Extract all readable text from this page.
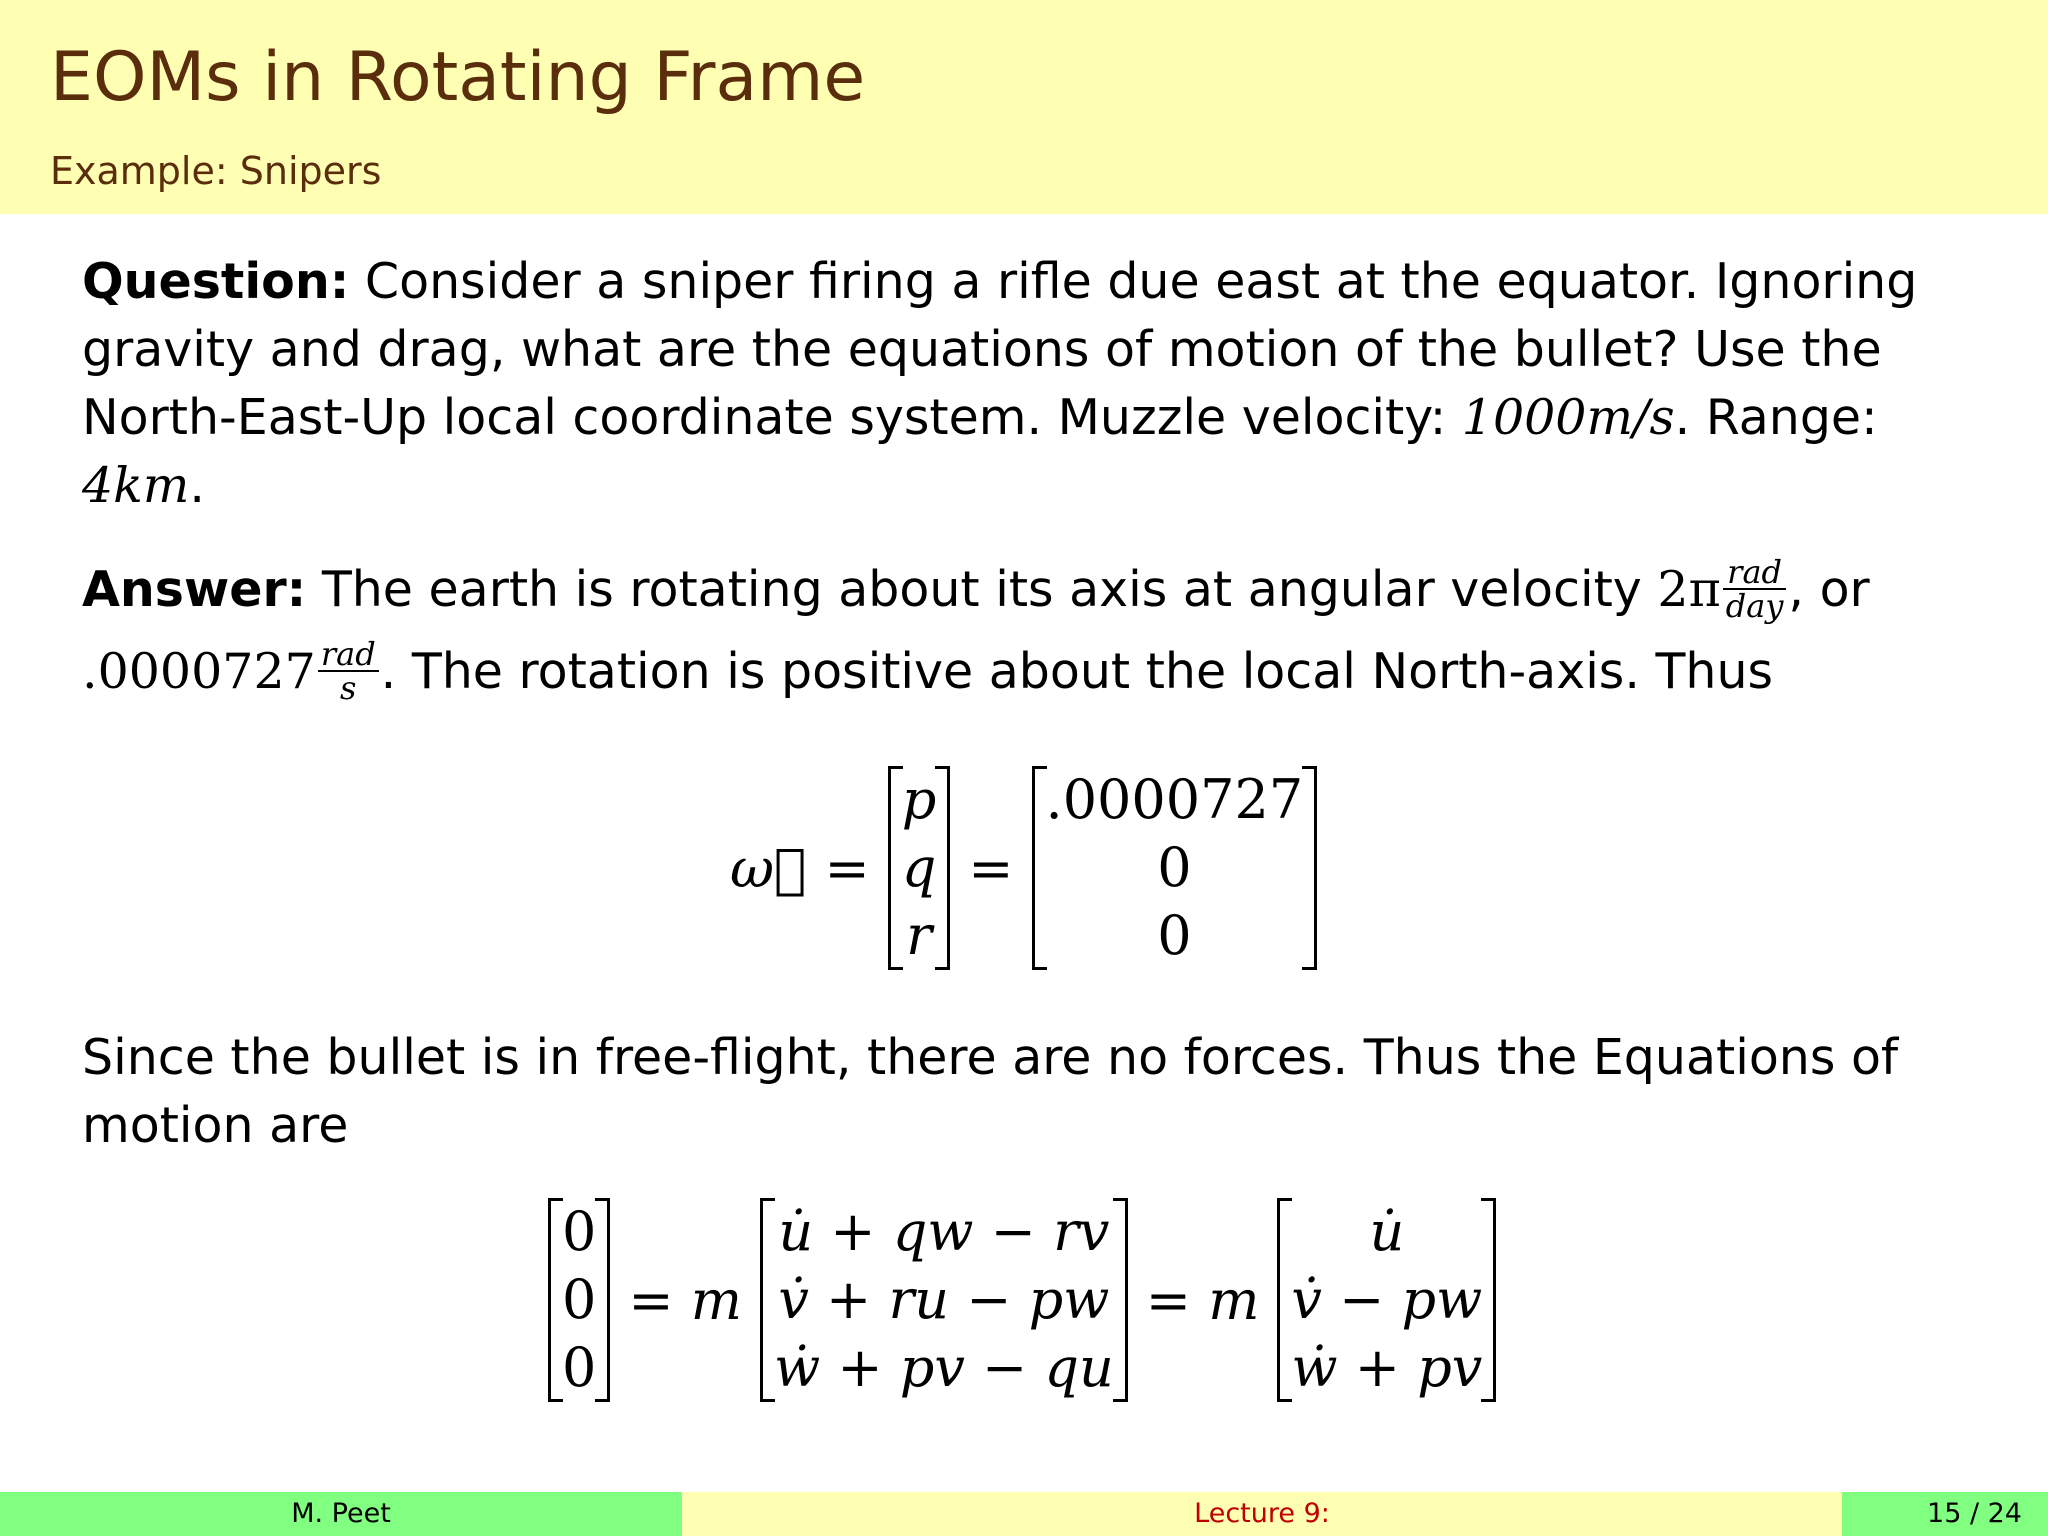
EOMs in Rotating Frame
Example: Snipers
Question: Consider a sniper firing a rifle due east at the equator. Ignoring
gravity and drag, what are the equations of motion of the bullet? Use the
North-East-Up local coordinate system. Muzzle velocity: 1000m/s. Range:
4km.
Answer: The earth is rotating about its axis at angular velocity $2\pi \frac{\text{rad}}{\text{day}}$ , or
$.0000727 \frac{\text{rad}}{s}$ . The rotation is positive about the local North-axis. Thus
ω⃗ =
p
q
r
=
.0000727
0
0
Since the bullet is in free-flight, there are no forces. Thus the Equations of
motion are
0
0
0
= m
u̇ + qw − rv
v̇ + ru − pw
ẇ + pv − qu
= m
u̇
v̇ − pw
ẇ + pv
M. Peet	Lecture 9:	15 / 24
